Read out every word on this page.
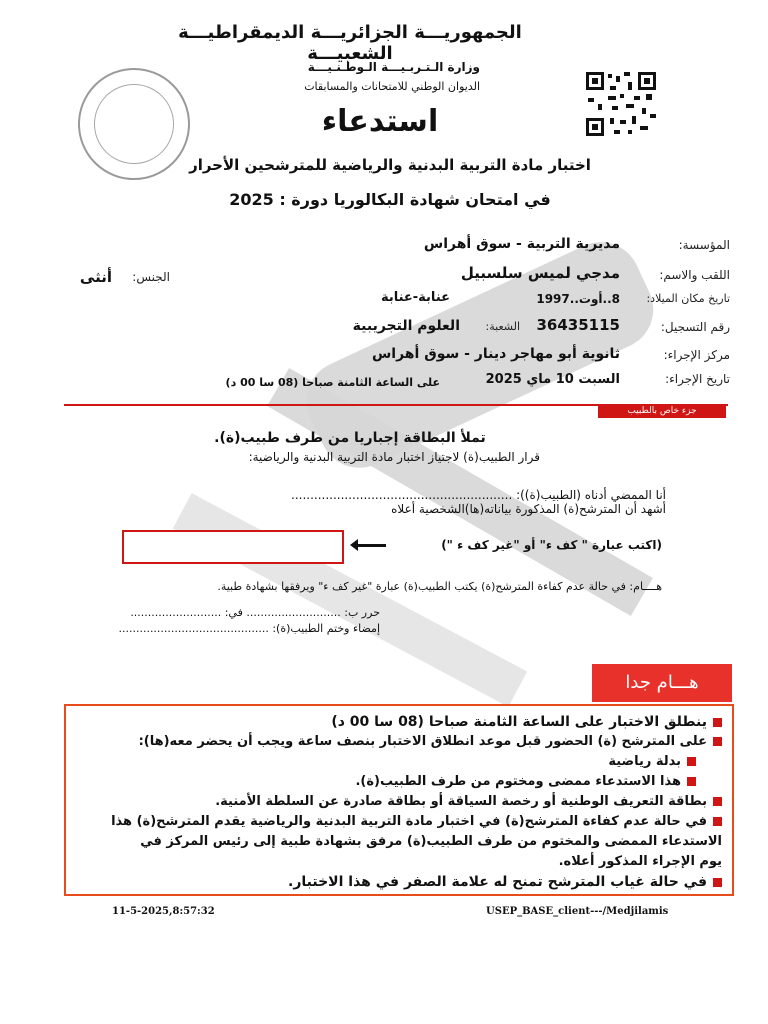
الجمهوريـــة الجزائريـــة الديمقراطيـــة الشعبيـــة
وزارة الـتـربـيـــة الـوطـنـيـــة
الديوان الوطني للامتحانات والمسابقات
استدعاء
اختبار مادة التربية البدنية والرياضية للمترشحين الأحرار
في امتحان شهادة البكالوريا دورة : 2025
المؤسسة:
مديرية التربية - سوق أهراس
اللقب والاسم:
مدجي لميس سلسبيل
الجنس:
أنثى
تاريخ مكان الميلاد:
8..أوت..1997
عنابة-عنابة
رقم التسجيل:
36435115
الشعبة:
العلوم التجريبية
مركز الإجراء:
ثانوية أبو مهاجر دينار - سوق أهراس
تاريخ الإجراء:
السبت 10 ماي 2025
على الساعة الثامنة صباحا (08 سا 00 د)
جزء خاص بالطبيب
تملأ البطاقة إجباريا من طرف طبيب(ة).
قرار الطبيب(ة) لاجتياز اختبار مادة التربية البدنية والرياضية:
أنا الممضي أدناه (الطبيب(ة)): ..........................................................
أشهد أن المترشح(ة) المذكورة بياناته(ها)الشخصية أعلاه
(اكتب عبارة " كف ء" أو "غير كف ء ")
هــــام: في حالة عدم كفاءة المترشح(ة) يكتب الطبيب(ة) عبارة "غير كف ء" ويرفقها بشهادة طبية.
حرر ب: ........................... في: ..........................
إمضاء وختم الطبيب(ة): ...........................................
هـــام جدا
ينطلق الاختبار على الساعة الثامنة صباحا (08 سا 00 د)
على المترشح (ة) الحضور قبل موعد انطلاق الاختبار بنصف ساعة ويجب أن يحضر معه(ها):
بدلة رياضية
هذا الاستدعاء ممضى ومختوم من طرف الطبيب(ة).
بطاقة التعريف الوطنية أو رخصة السياقة أو بطاقة صادرة عن السلطة الأمنية.
في حالة عدم كفاءة المترشح(ة) في اختبار مادة التربية البدنية والرياضية يقدم المترشح(ة) هذا
الاستدعاء الممضى والمختوم من طرف الطبيب(ة) مرفق بشهادة طبية إلى رئيس المركز في
يوم الإجراء المذكور أعلاه.
في حالة غياب المترشح تمنح له علامة الصفر في هذا الاختبار.
11-5-2025,8:57:32	USEP_BASE_client---/Medjilamis
